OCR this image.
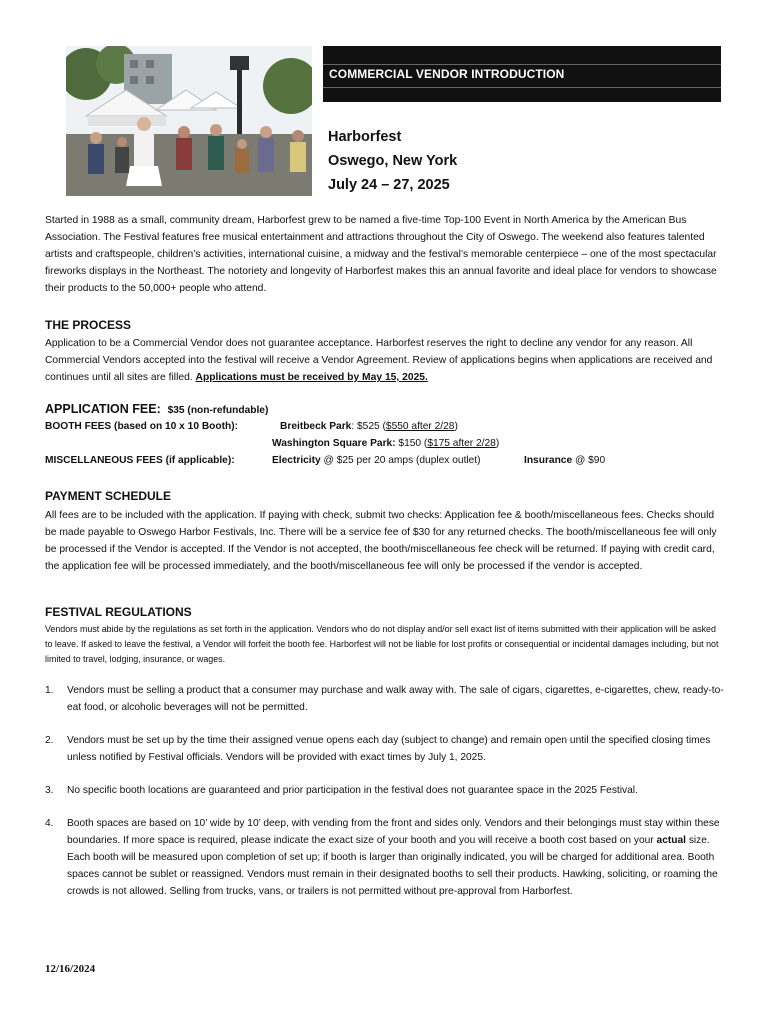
COMMERCIAL VENDOR INTRODUCTION
Harborfest
Oswego, New York
July 24 – 27, 2025
Started in 1988 as a small, community dream, Harborfest grew to be named a five-time Top-100 Event in North America by the American Bus Association. The Festival features free musical entertainment and attractions throughout the City of Oswego. The weekend also features talented artists and craftspeople, children’s activities, international cuisine, a midway and the festival’s memorable centerpiece – one of the most spectacular fireworks displays in the Northeast. The notoriety and longevity of Harborfest makes this an annual favorite and ideal place for vendors to showcase their products to the 50,000+ people who attend.
THE PROCESS
Application to be a Commercial Vendor does not guarantee acceptance. Harborfest reserves the right to decline any vendor for any reason. All Commercial Vendors accepted into the festival will receive a Vendor Agreement. Review of applications begins when applications are received and continues until all sites are filled. Applications must be received by May 15, 2025.
APPLICATION FEE: $35 (non-refundable)
BOOTH FEES (based on 10 x 10 Booth):	Breitbeck Park: $525 ($550 after 2/28)
Washington Square Park: $150 ($175 after 2/28)
MISCELLANEOUS FEES (if applicable):	Electricity @ $25 per 20 amps (duplex outlet)	Insurance @ $90
PAYMENT SCHEDULE
All fees are to be included with the application. If paying with check, submit two checks: Application fee & booth/miscellaneous fees. Checks should be made payable to Oswego Harbor Festivals, Inc. There will be a service fee of $30 for any returned checks. The booth/miscellaneous fee will only be processed if the Vendor is accepted. If the Vendor is not accepted, the booth/miscellaneous fee check will be returned. If paying with credit card, the application fee will be processed immediately, and the booth/miscellaneous fee will only be processed if the vendor is accepted.
FESTIVAL REGULATIONS
Vendors must abide by the regulations as set forth in the application. Vendors who do not display and/or sell exact list of items submitted with their application will be asked to leave. If asked to leave the festival, a Vendor will forfeit the booth fee. Harborfest will not be liable for lost profits or consequential or incidental damages including, but not limited to travel, lodging, insurance, or wages.
1. Vendors must be selling a product that a consumer may purchase and walk away with. The sale of cigars, cigarettes, e-cigarettes, chew, ready-to-eat food, or alcoholic beverages will not be permitted.
2. Vendors must be set up by the time their assigned venue opens each day (subject to change) and remain open until the specified closing times unless notified by Festival officials. Vendors will be provided with exact times by July 1, 2025.
3. No specific booth locations are guaranteed and prior participation in the festival does not guarantee space in the 2025 Festival.
4. Booth spaces are based on 10’ wide by 10’ deep, with vending from the front and sides only. Vendors and their belongings must stay within these boundaries. If more space is required, please indicate the exact size of your booth and you will receive a booth cost based on your actual size. Each booth will be measured upon completion of set up; if booth is larger than originally indicated, you will be charged for additional area. Booth spaces cannot be sublet or reassigned. Vendors must remain in their designated booths to sell their products. Hawking, soliciting, or roaming the crowds is not allowed. Selling from trucks, vans, or trailers is not permitted without pre-approval from Harborfest.
12/16/2024
